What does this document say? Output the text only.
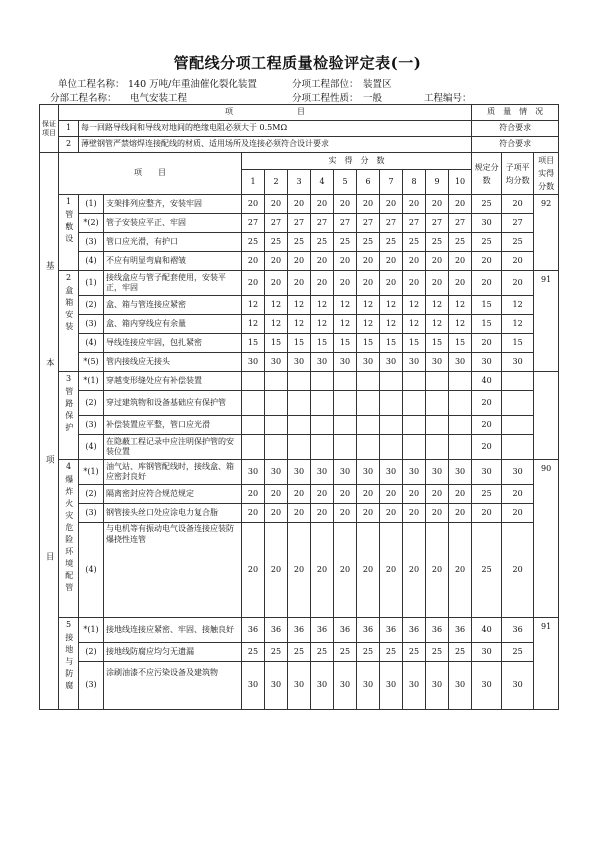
管配线分项工程质量检验评定表(一)
单位工程名称： 140 万吨/年重油催化裂化装置	分项工程部位： 装置区
分部工程名称： 电气安装工程	分项工程性质： 一般	工程编号：
保证项目	项　　　　　　　　目													质　量　情　况		
	1	每一回路导线间和导线对地间的绝缘电阻必须大于 0.5MΩ												符合要求		
	2	薄壁钢管严禁熔焊连接配线的材质、适用场所及连接必须符合设计要求												符合要求		
基　本　项　目	项　　目			实　得　分　数										规定分数	子项平均分数	项目实得分数
				1	2	3	4	5	6	7	8	9	10			

	1
管敷设	(1)	支架排列应整齐，安装牢固	20	20	20	20	20	20	20	20	20	20	25	20	92
		*(2)	管子安装应平正、牢固	27	27	27	27	27	27	27	27	27	27	30	27	
		(3)	管口应光滑，有护口	25	25	25	25	25	25	25	25	25	25	25	25	
		(4)	不应有明显弯扁和褶皱	20	20	20	20	20	20	20	20	20	20	20	20	

	2
盒箱安装	(1)	接线盒应与管子配套使用，安装平正，牢固	20	20	20	20	20	20	20	20	20	20	20	20	91
		(2)	盒、箱与管连接应紧密	12	12	12	12	12	12	12	12	12	12	15	12	
		(3)	盒、箱内穿线应有余量	12	12	12	12	12	12	12	12	12	12	15	12	
		(4)	导线连接应牢固，包扎紧密	15	15	15	15	15	15	15	15	15	15	20	15	
		*(5)	管内接线应无接头	30	30	30	30	30	30	30	30	30	30	30	30	

	3
管路保护	*(1)	穿越变形缝处应有补偿装置											40		
		(2)	穿过建筑物和设备基础应有保护管											20		
		(3)	补偿装置应平整，管口应光滑											20		
		(4)	在隐蔽工程记录中应注明保护管的安装位置											20		

	4
爆炸火灾危险环境配管	*(1)	油气站、库钢管配线时，接线盒、箱应密封良好	30	30	30	30	30	30	30	30	30	30	30	30	90
		(2)	隔离密封应符合规范规定	20	20	20	20	20	20	20	20	20	20	25	20	
		(3)	钢管接头丝口处应涂电力复合脂	20	20	20	20	20	20	20	20	20	20	20	20	
		(4)	与电机等有振动电气设备连接应装防爆挠性连管	20	20	20	20	20	20	20	20	20	20	25	20	

	5
接地与防腐	*(1)	接地线连接应紧密、牢固、接触良好	36	36	36	36	36	36	36	36	36	36	40	36	91
		(2)	接地线防腐应均匀无遗漏	25	25	25	25	25	25	25	25	25	25	30	25	
		(3)	涂刷油漆不应污染设备及建筑物	30	30	30	30	30	30	30	30	30	30	30	30	
